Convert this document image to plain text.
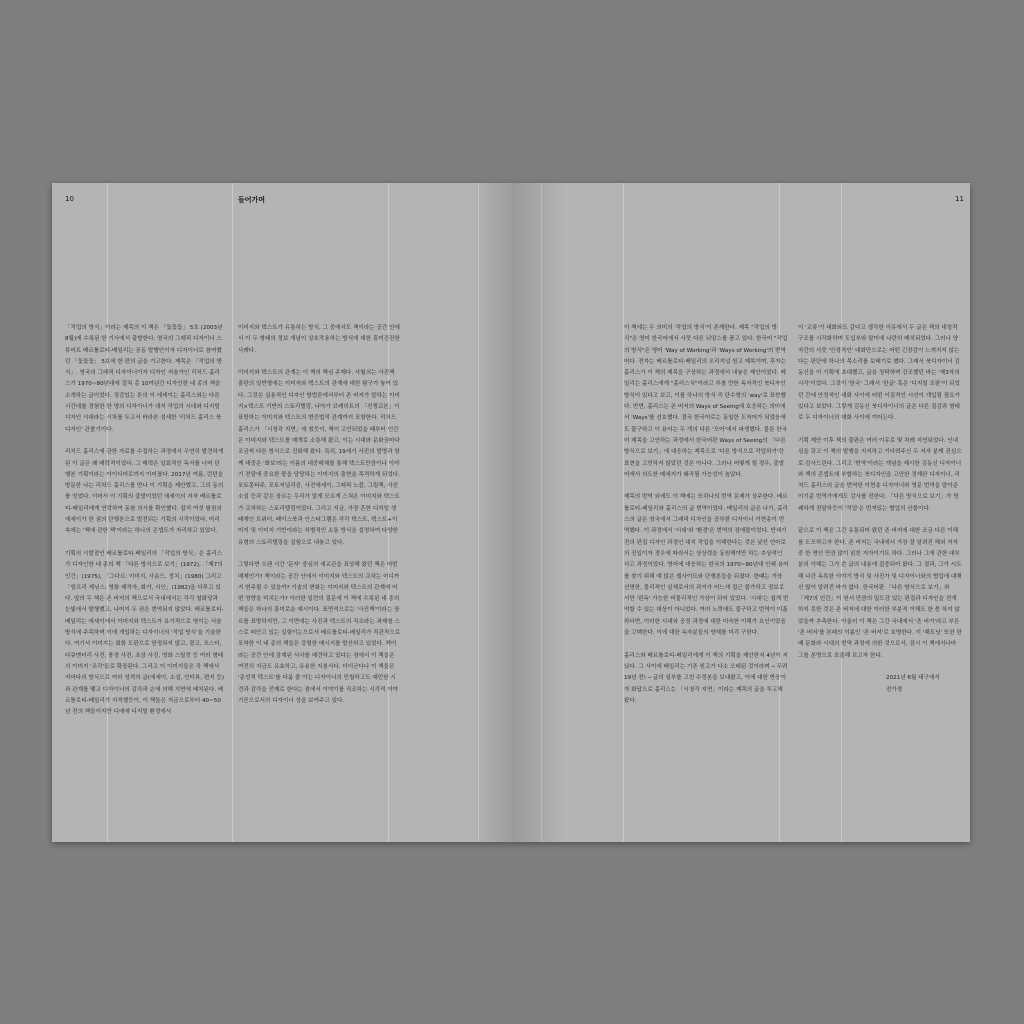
10	들어가며

「작업의 방식」이라는 제목의 이 책은 「돛돛돛」 5호 (2003년 8월)에 수록된 한 기사에서 출발한다. 영국의 그래픽 디자이너 스튜어트 베르톨로티-베일리는 공동 발행인이자 디자이너로 참여했던 「돛돛돛」 5호에 한 편의 글을 기고한다. 제목은 「작업의 방식」. 영국의 그래픽 디자이너이자 디자인 저술가인 리처드 홀리스가 1970~80년대에 걸쳐 총 10여년간 디자인한 네 종의 책을 소개하는 글이었다. 정감있는 톤의 이 에세이는 홀리스와는 다른 시간대를 경험한 한 명의 디자이너가 대지 작업의 시대와 디지털 디자인 시대라는 시차를 두고서 바라본 섬세한 '리처드 홀리스 북디자인' 관찰기이다.

리처드 홀리스에 관한 자료를 수집하는 과정에서 우연히 발견하게 된 이 글은 왜 매력적이었다. 그 매력은 일회적인 독서를 너머 단행본 기획이라는 아이디어로까지 이어졌다. 2017년 여름, 런던을 방문한 나는 리처드 홀리스를 만나 이 기획을 제안했고, 그의 동의를 얻었다. 이어서 이 기획의 출발이었던 에세이의 저자 베르톨로티-베일리에게 연락하여 동참 의사를 확인했다. 잡지 여섯 펼침의 에세이가 한 권의 단행본으로 발전되는 기획의 시작이었다. 머리 속에는 '책에 관한 책'이라는 하나의 콘셉트가 자리하고 있었다.

기획의 시발점인 베르톨로티-베일리의 「작업의 방식」은 홀리스가 디자인한 네 종의 책 「다른 방식으로 보기」(1972), 「제7의 인간」(1975), 「그다르: 이미지, 사운드, 정치」(1980) 그리고 「힘프리 제닝스: 영화 제작자, 화가, 시인」(1982)을 다루고 있다. 앞의 두 책은 존 버저의 책으로서 국내에서는 각각 열화당과 눈빛에서 발행했고, 나머지 두 권은 번역되지 않았다. 베르톨로티-베일리는 에세이에서 이미지와 텍스트가 유기적으로 엮이는 서술 방식에 주목하며 이에 개입하는 디자이너의 '작업 방식'을 기술한다. 여기서 이미지는 회화 도판으로 한정되지 않고, 광고, 포스터, 다큐멘터리 사진, 풍경 사진, 초상 사진, 영화 스틸컷 등 여러 형태의 이미지 '조각'들로 확장된다. 그리고 이 이미지들은 각 책에서 저마다의 방식으로 여러 성격의 글(에세이, 소설, 인터뷰, 편지 등)과 관계를 맺고 디자이너의 감각과 손에 의해 지면에 배치된다. 베르톨로티-베일리가 지적했듯이, 이 책들은 지금으로부터 40~50년 전의 책들이지만 디애에 디지털 환경에서

이미지와 텍스트가 유통하는 방식, 그 중에서도 책이라는 공간 안에서 이 두 형태의 정보 개념이 상호작용하는 방식에 대한 흥미진진한 사례다.

이미지와 텍스트의 관계는 이 책의 핵심 주제다. 사월의는 사진책 출판의 일반형에는 이미지와 텍스트의 관계에 대한 탐구가 놓여 있다. 그것은 실용적인 디자인 방법론에서부터 존 버저가 말하는 이미지×텍스트 기반의 스토리텔링, 나아가 브레히트의 「전쟁교본」이 표방하는 이미지와 텍스트의 변증법적 관계까지 포함한다. 리처드 홀리스가 「시청각 지면」에 썼듯이, 책이 고안되었을 때부터 인간은 이미지와 텍스트를 매개로 소통해 왔고, 이는 시대와 문화권마다 조금씩 다른 방식으로 진화해 왔다. 특히, 19세기 사진의 발명과 함께 대중은 '화보'라는 이름의 대중매체를 통해 텍스트만큼이나 이야기 전달에 중요한 몫을 담당하는 이미지의 출현을 목격하게 되었다. 포토몽타주, 포토저널리즘, 사진에세이, 그래픽 노블, 그림책, 사진소설 등과 같은 장르는 우리가 알게 모르게 스쳐온 이미지와 텍스트가 교차하는 스토리텔링이었다. 그리고 지금, 가장 흔한 디지털 생태계인 트위터, 페이스북과 인스타그램은 각각 텍스트, 텍스트+이미지 및 이미지 기반이라는 차별적인 소통 방식을 설정하여 다양한 유형의 스토리텔링을 실험으로 내놓고 있다.

그렇다면 오랜 시간 '문자' 중심의 세교관을 표상해 왔던 책은 어떤 매체인가? 책이라는 공간 안에서 이미지와 텍스트의 교차는 어디까지 변주될 수 있을까? 기술의 변화는 이미지와 텍스트의 관계에 어떤 영향을 미치는가? 이러한 일련의 질문에 이 책에 수록된 네 종의 책들은 하나의 흥미로운 예시이다. 표면적으로는 '사진책'이라는 장르를 표방하지만, 그 이면에는 사진과 텍스트의 직조라는 과제를 스스로 떠안고 있는 실험이는으로서 베르톨로티-베일리가 직관적으로 포착한 이 네 종의 책들은 강렬한 메시지를 발산하고 있었다. 책이라는 공간 안에 잠재된 서사를 예견하고 있다는 점에서 이 책들은 여전히 지금도 유효하고, 유용한 지침서다. 더더군다나 이 책들은 '종성적 텍스트'를 다룸 줄 아는 디자이너의 민첩하고도 예민한 시견과 감각을 전제로 한다는 점에서 이야기를 직조하는 시각적 이야기꾼으로서의 디자이너 상을 보여주고 있다.

11

이 책에는 두 의미의 '작업의 방식'이 존재한다. 제목 "작업의 방식"은 영어 한국어에서 사뭇 다른 뉘앙스를 품고 있다. 한국어 "작업의 방식"은 영어 'Way of Working'과 'Ways of Working'의 번역어다. 전자는 베르톨로티-베일리의 오리지널 원고 제목이며, 후자는 홀리스가 이 책의 제목을 구상하는 과정에서 내놓은 제안이었다. 베일리는 홀리스에게 "홀리스식"이라고 부를 만한 독자적인 북디자인 방식이 있다고 보고, 이를 하나의 방식 즉 단수형의 'way'로 표현했다. 반면, 홀리스는 존 버저의 Ways of Seeing에 호응하는 의미에서 'Ways'를 선호했다. 결국 한국어로는 동일한 도착어가 되었음에도 불구하고 이 용어는 두 개의 다른 '모어'에서 파생했다. 물론 한국어 제목을 고안하는 과정에서 한국어판 Ways of Seeing의 「다른 방식으로 보기」에 대응하는 제목으로 '다른 방식으로 작업하기'란 표현을 고민하지 않았던 것은 아니다. 그러나 어떻게 될 경우, 출발어에서 의도한 메세지가 왜곡될 가능성이 높았다.

제목의 번역 외에도 이 책에는 또하나의 번역 문제가 상주한다. 베르톨로티-베일리와 홀리스의 글 번역이었다. 베일리의 글은 나가, 홀리스의 글은 영국에서 그래픽 디자인을 공부한 디자이너 이현송이 번역했다. 이 과정에서 '시대'와 '환경'은 번역의 장애물이었다. 반세기 전의 편집 디자인 과정인 대지 작업을 이해한다는 것은 낯선 언어로의 진입이자 경우에 따라서는 상상력을 동원해야만 하는 추상적인 사고 과정이었다. 영어에 대응하는 한국의 1970~80년대 인쇄 용어를 찾기 위해 예 많은 웹사이트와 단행본들을 뒤졌다. 한때는 가장 선명한, 물리적인 실체로서의 과거가 어느새 접근 불가하고 정보로서만 '판독' 가능한 비물리적인 가상이 되어 있었다. '시대'는 쉽게 번역할 수 있는 대상이 아니었다. 여러 노력에도 불구하고 번역이 미흡하다면, 이러한 시대와 공정 과정에 대한 미숙한 이해가 요인이었음을 고백한다. 이에 대한 독자분들의 양해를 미리 구한다.

홀리스와 베르톨로티-베일리에게 이 책의 기획을 제안한지 4년이 지났다. 그 사이에 베일리는 기존 원고가 다소 오래된 것이라며 ─ 무려 19년 전! ─ 글의 일부를 고친 수정본을 보내왔고, 이에 대한 반응이자 화답으로 홀리스는 「시청각 지면」이라는 제목의 글을 투고해 왔다.

이 '교류'가 대화와도 같다고 생각한 이유에서 두 글은 책의 대칭적 구조를 시각화하며 도입부와 말미에 나란히 배치되었다. 그러나 양자간의 사뭇 '안정적인' 대화만으로는 어떤 긴장감이 느껴지지 않는다는 판단에 하나의 목소리를 보태기로 했다. 그래서 북디자이너 김동신을 이 기획에 초대했고, 글을 청탁하며 강조했던 바는 '제3자의 시각'이었다. 그것이 '한국' 그래서 '한글' 혹은 '디지털 조판'이 되었던 간에 안정적인 대화 사이에 어떤 이질적인 시선이 개입될 필요가 있다고 보았다. 그렇게 김동신 북디자이너의 글은 다른 질감과 형태로 두 디자이너의 대화 사이에 끼어든다.

기획 제안 이후 책의 출판은 여러 이유로 몇 차례 지연되었다. 인내심을 갖고 이 책의 발행을 지지하고 기다려주신 두 저자 분께 진심으로 감사드린다. 그리고 '번역'이라는 개념을 제시한 김동신 디자이너와 책의 콘셉트에 부합하는 북디자인을 고안한 정재완 디자이너, 리처드 홀리스의 글을 번역한 이현송 디자이너와 영문 번역을 맡아준 이기준 번역가에게도 감사를 전한다. 「다른 방식으로 보기」가 명쾌하게 전달하듯이 '작업'은 번져있는 협업의 산물이다.

끝으로 이 책은 그간 유통되어 왔던 존 버저에 대한 조금 다른 이해를 도모하고자 한다. 존 버저는 국내에서 가장 잘 알려진 해외 저자 중 한 명인 만큼 많이 읽힌 저자이기도 하다. 그러나 그에 관한 대부분의 이해는 그가 쓴 글의 내용에 집중되어 왔다. 그 결과, 그가 시도해 나간 독특한 이야기 방식 및 사진가 및 디자이너와의 협업에 대해선 많이 알려진 바가 없다. 한국어판 「다른 방식으로 보기」와 「제7의 인간」이 원서 만큼의 밀도감 있는 편집과 디자인을 전개하지 못한 것은 존 버저에 대한 이러한 부분적 이해도 한 몫 하지 않았을까 추측한다. 아울러 이 책은 그간 국내에서 '존 버거'라고 부른 '존 버저'를 본래의 이름인 '존 버저'로 호명한다. 이 '패트닝' 또한 한때 문화와 시대의 번역 과정에 의한 것으로서, 잠시 이 책에서나마 그를 본명으로 호출해 보고자 한다.

2021년 6월 대구에서
전가경
